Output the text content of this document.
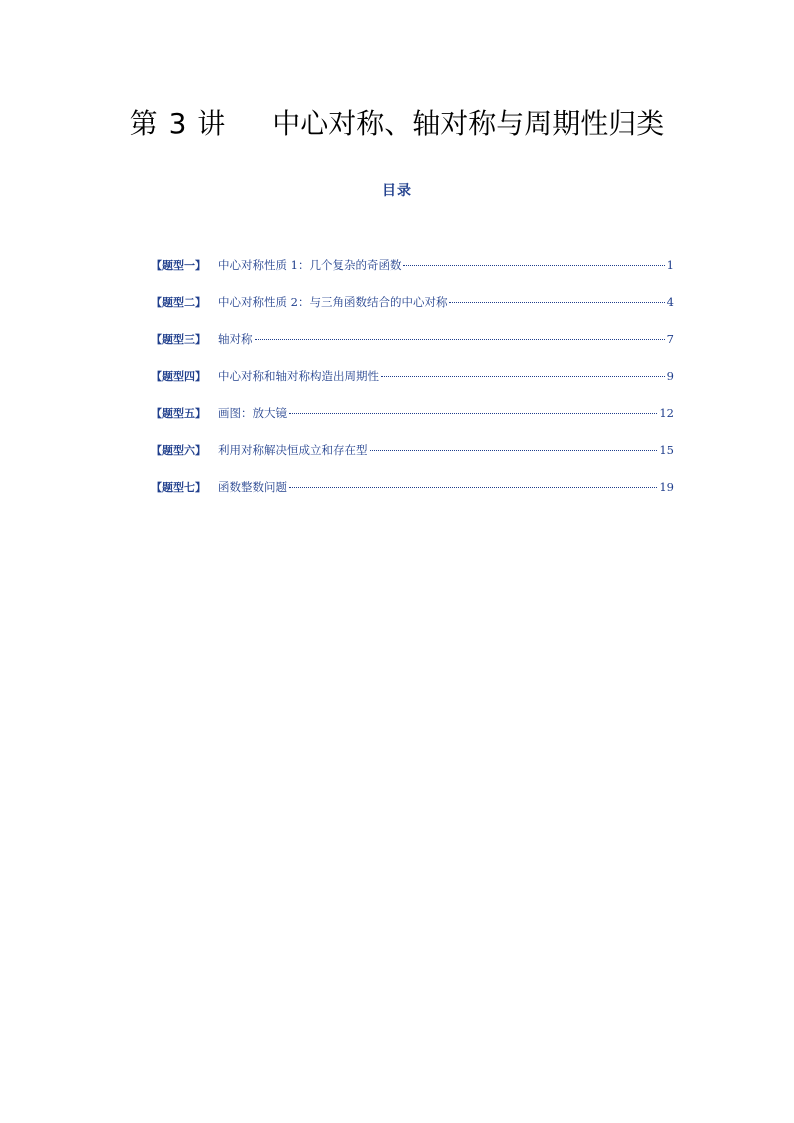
第 3 讲 中心对称、轴对称与周期性归类
目录
【题型一】 中心对称性质 1：几个复杂的奇函数	1
【题型二】 中心对称性质 2：与三角函数结合的中心对称	4
【题型三】 轴对称	7
【题型四】 中心对称和轴对称构造出周期性	9
【题型五】 画图：放大镜	12
【题型六】 利用对称解决恒成立和存在型	15
【题型七】 函数整数问题	19
